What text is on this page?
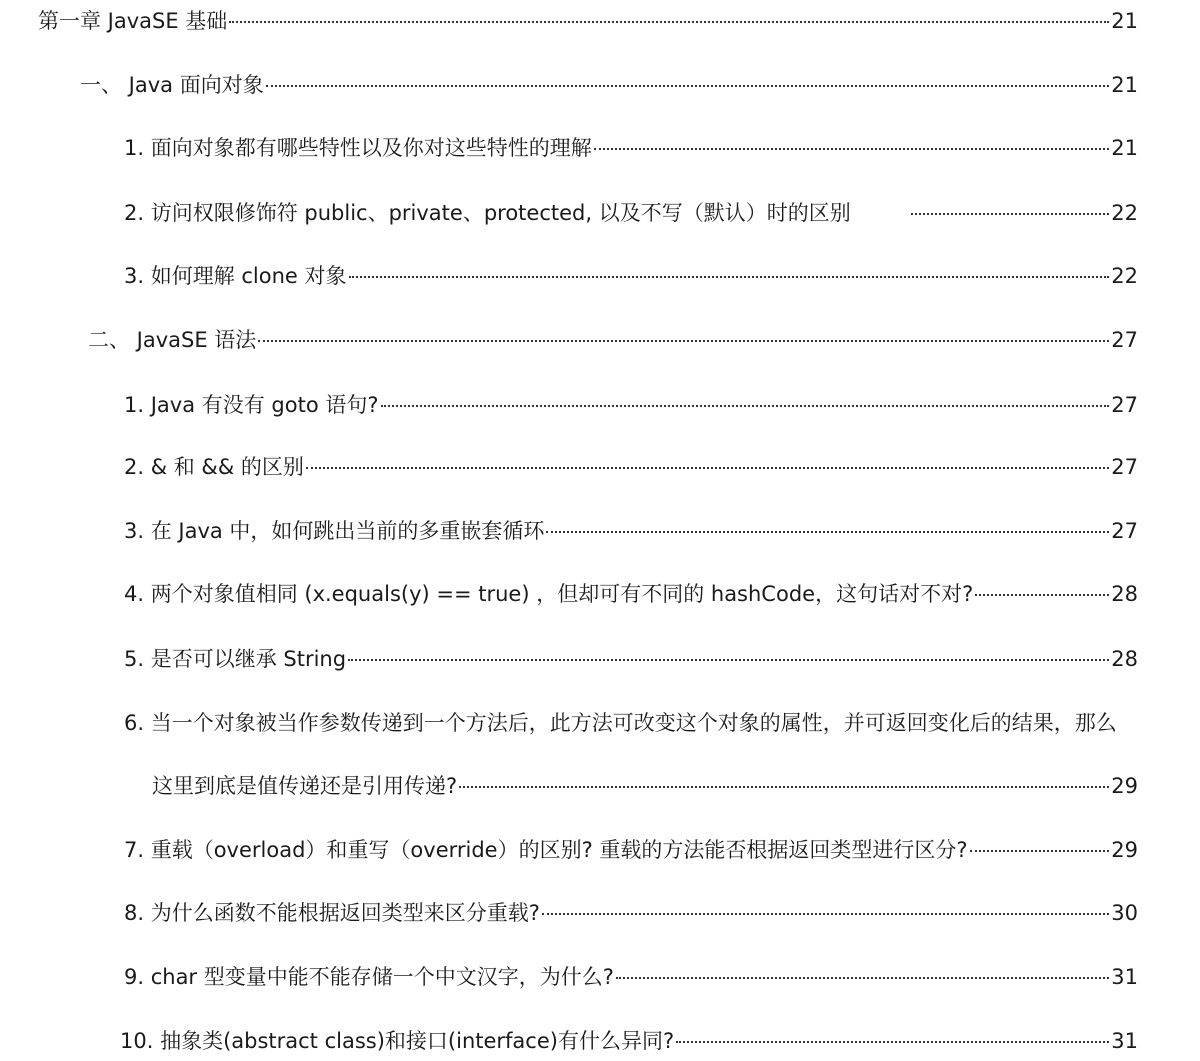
第一章 JavaSE 基础	21
一、 Java 面向对象	21
1. 面向对象都有哪些特性以及你对这些特性的理解	21
2. 访问权限修饰符 public、private、protected, 以及不写（默认）时的区别	22
3. 如何理解 clone 对象	22
二、 JavaSE 语法	27
1. Java 有没有 goto 语句?	27
2. & 和 && 的区别	27
3. 在 Java 中，如何跳出当前的多重嵌套循环	27
4. 两个对象值相同 (x.equals(y) == true) ，但却可有不同的 hashCode，这句话对不对?	28
5. 是否可以继承 String	28
6. 当一个对象被当作参数传递到一个方法后，此方法可改变这个对象的属性，并可返回变化后的结果，那么
这里到底是值传递还是引用传递?	29
7. 重载（overload）和重写（override）的区别? 重载的方法能否根据返回类型进行区分?	29
8. 为什么函数不能根据返回类型来区分重载?	30
9. char 型变量中能不能存储一个中文汉字，为什么?	31
10. 抽象类(abstract class)和接口(interface)有什么异同?	31
